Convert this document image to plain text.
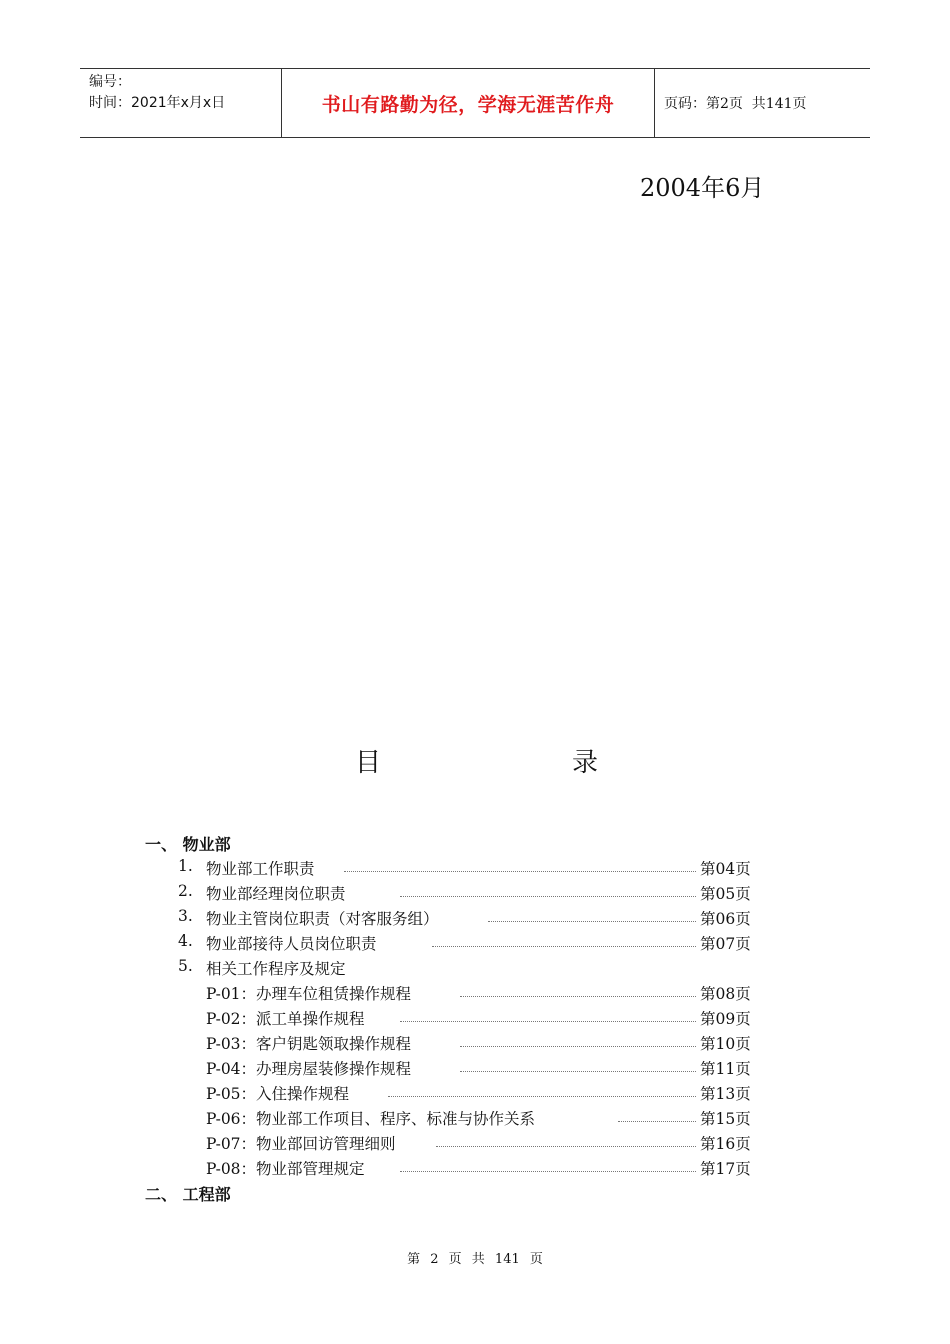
编号：
时间：2021年x月x日	书山有路勤为径，学海无涯苦作舟	页码：第2页  共141页
2004年6月
目	录
一、 物业部
1. 物业部工作职责	第04页
2. 物业部经理岗位职责	第05页
3. 物业主管岗位职责（对客服务组）	第06页
4. 物业部接待人员岗位职责	第07页
5. 相关工作程序及规定
P-01：办理车位租赁操作规程	第08页
P-02：派工单操作规程	第09页
P-03：客户钥匙领取操作规程	第10页
P-04：办理房屋装修操作规程	第11页
P-05：入住操作规程	第13页
P-06：物业部工作项目、程序、标准与协作关系	第15页
P-07：物业部回访管理细则	第16页
P-08：物业部管理规定	第17页
二、 工程部
第 2 页 共 141 页
